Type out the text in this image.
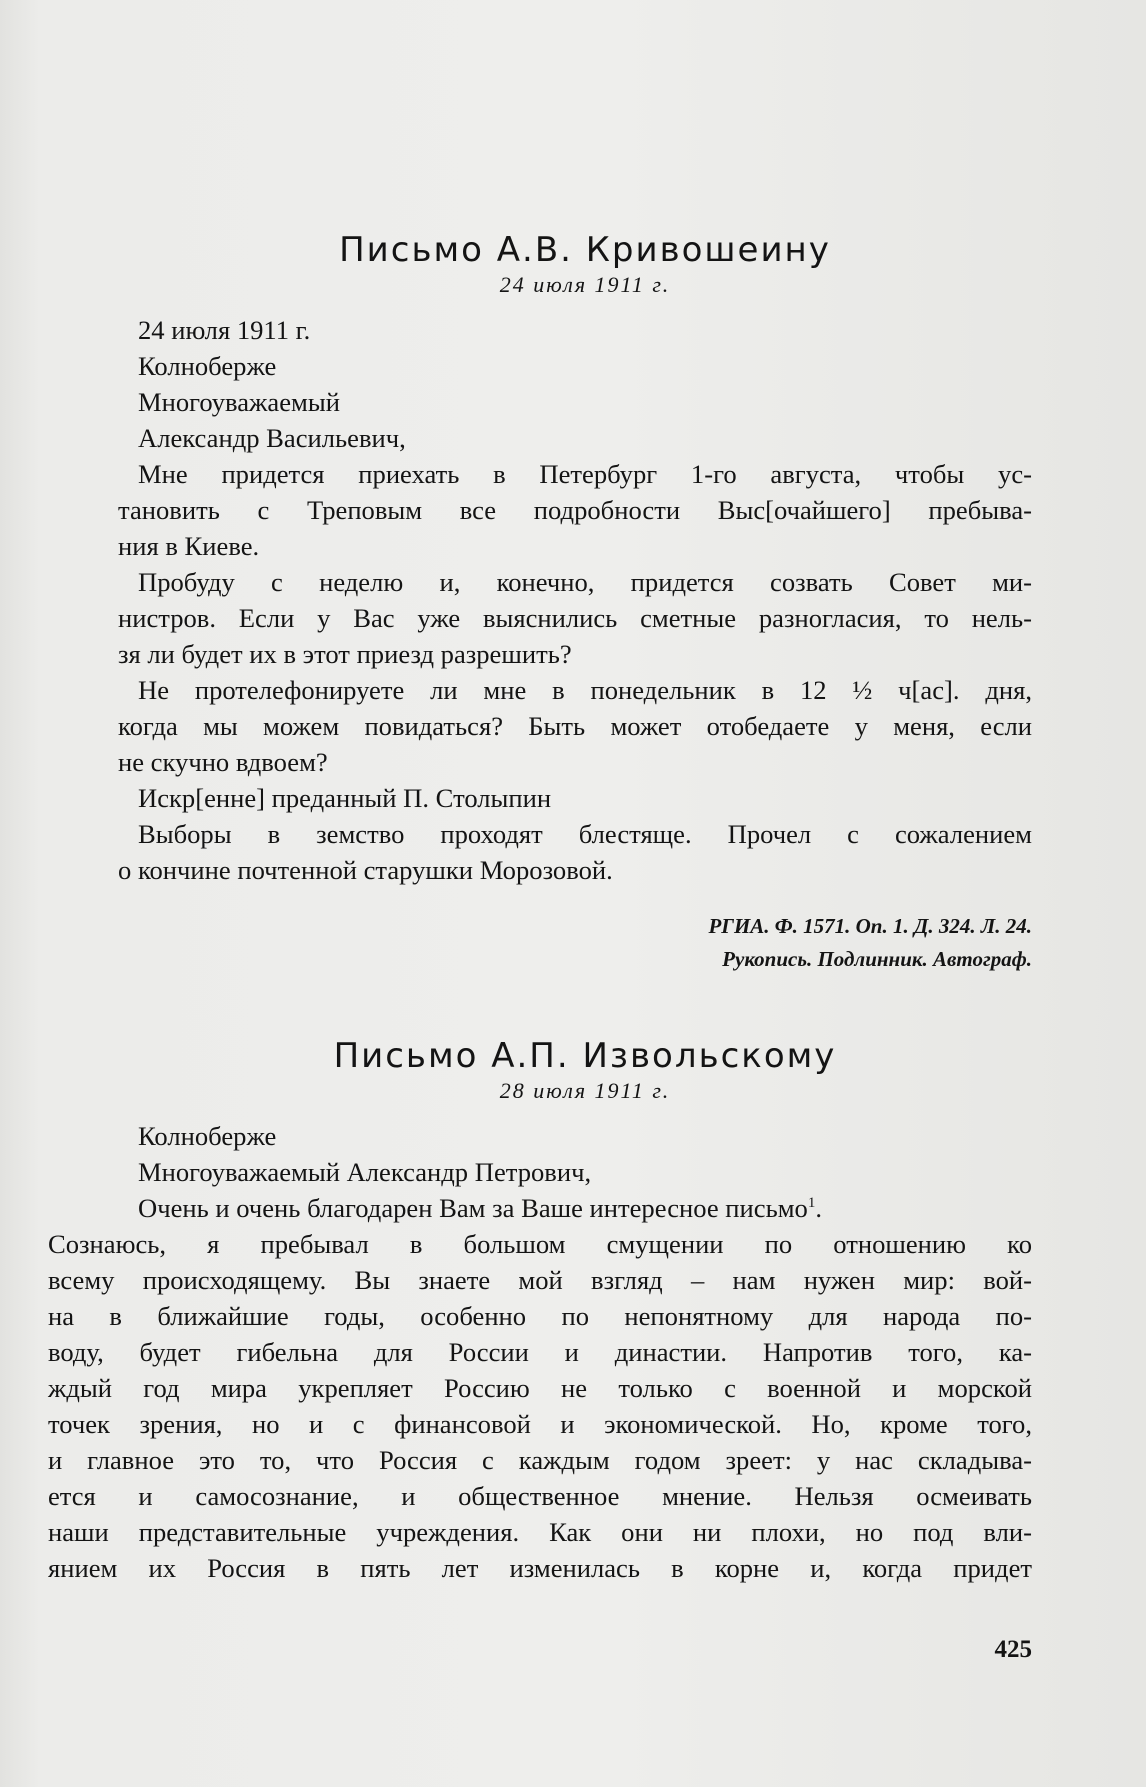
Письмо А.В. Кривошеину

24 июля 1911 г.

24 июля 1911 г.

Колноберже

Многоуважаемый

Александр Васильевич,

Мне придется приехать в Петербург 1-го августа, чтобы ус-

тановить с Треповым все подробности Выс[очайшего] пребыва-

ния в Киеве.

Пробуду с неделю и, конечно, придется созвать Совет ми-

нистров. Если у Вас уже выяснились сметные разногласия, то нель-

зя ли будет их в этот приезд разрешить?

Не протелефонируете ли мне в понедельник в 12 ½ ч[ас]. дня,

когда мы можем повидаться? Быть может отобедаете у меня, если

не скучно вдвоем?

Искр[енне] преданный П. Столыпин

Выборы в земство проходят блестяще. Прочел с сожалением

о кончине почтенной старушки Морозовой.

РГИА. Ф. 1571. Оп. 1. Д. 324. Л. 24.

Рукопись. Подлинник. Автограф.

Письмо А.П. Извольскому

28 июля 1911 г.

Колноберже

Многоуважаемый Александр Петрович,

Очень и очень благодарен Вам за Ваше интересное письмо$^1$.

Сознаюсь, я пребывал в большом смущении по отношению ко

всему происходящему. Вы знаете мой взгляд – нам нужен мир: вой-

на в ближайшие годы, особенно по непонятному для народа по-

воду, будет гибельна для России и династии. Напротив того, ка-

ждый год мира укрепляет Россию не только с военной и морской

точек зрения, но и с финансовой и экономической. Но, кроме того,

и главное это то, что Россия с каждым годом зреет: у нас складыва-

ется и самосознание, и общественное мнение. Нельзя осмеивать

наши представительные учреждения. Как они ни плохи, но под вли-

янием их Россия в пять лет изменилась в корне и, когда придет

425
